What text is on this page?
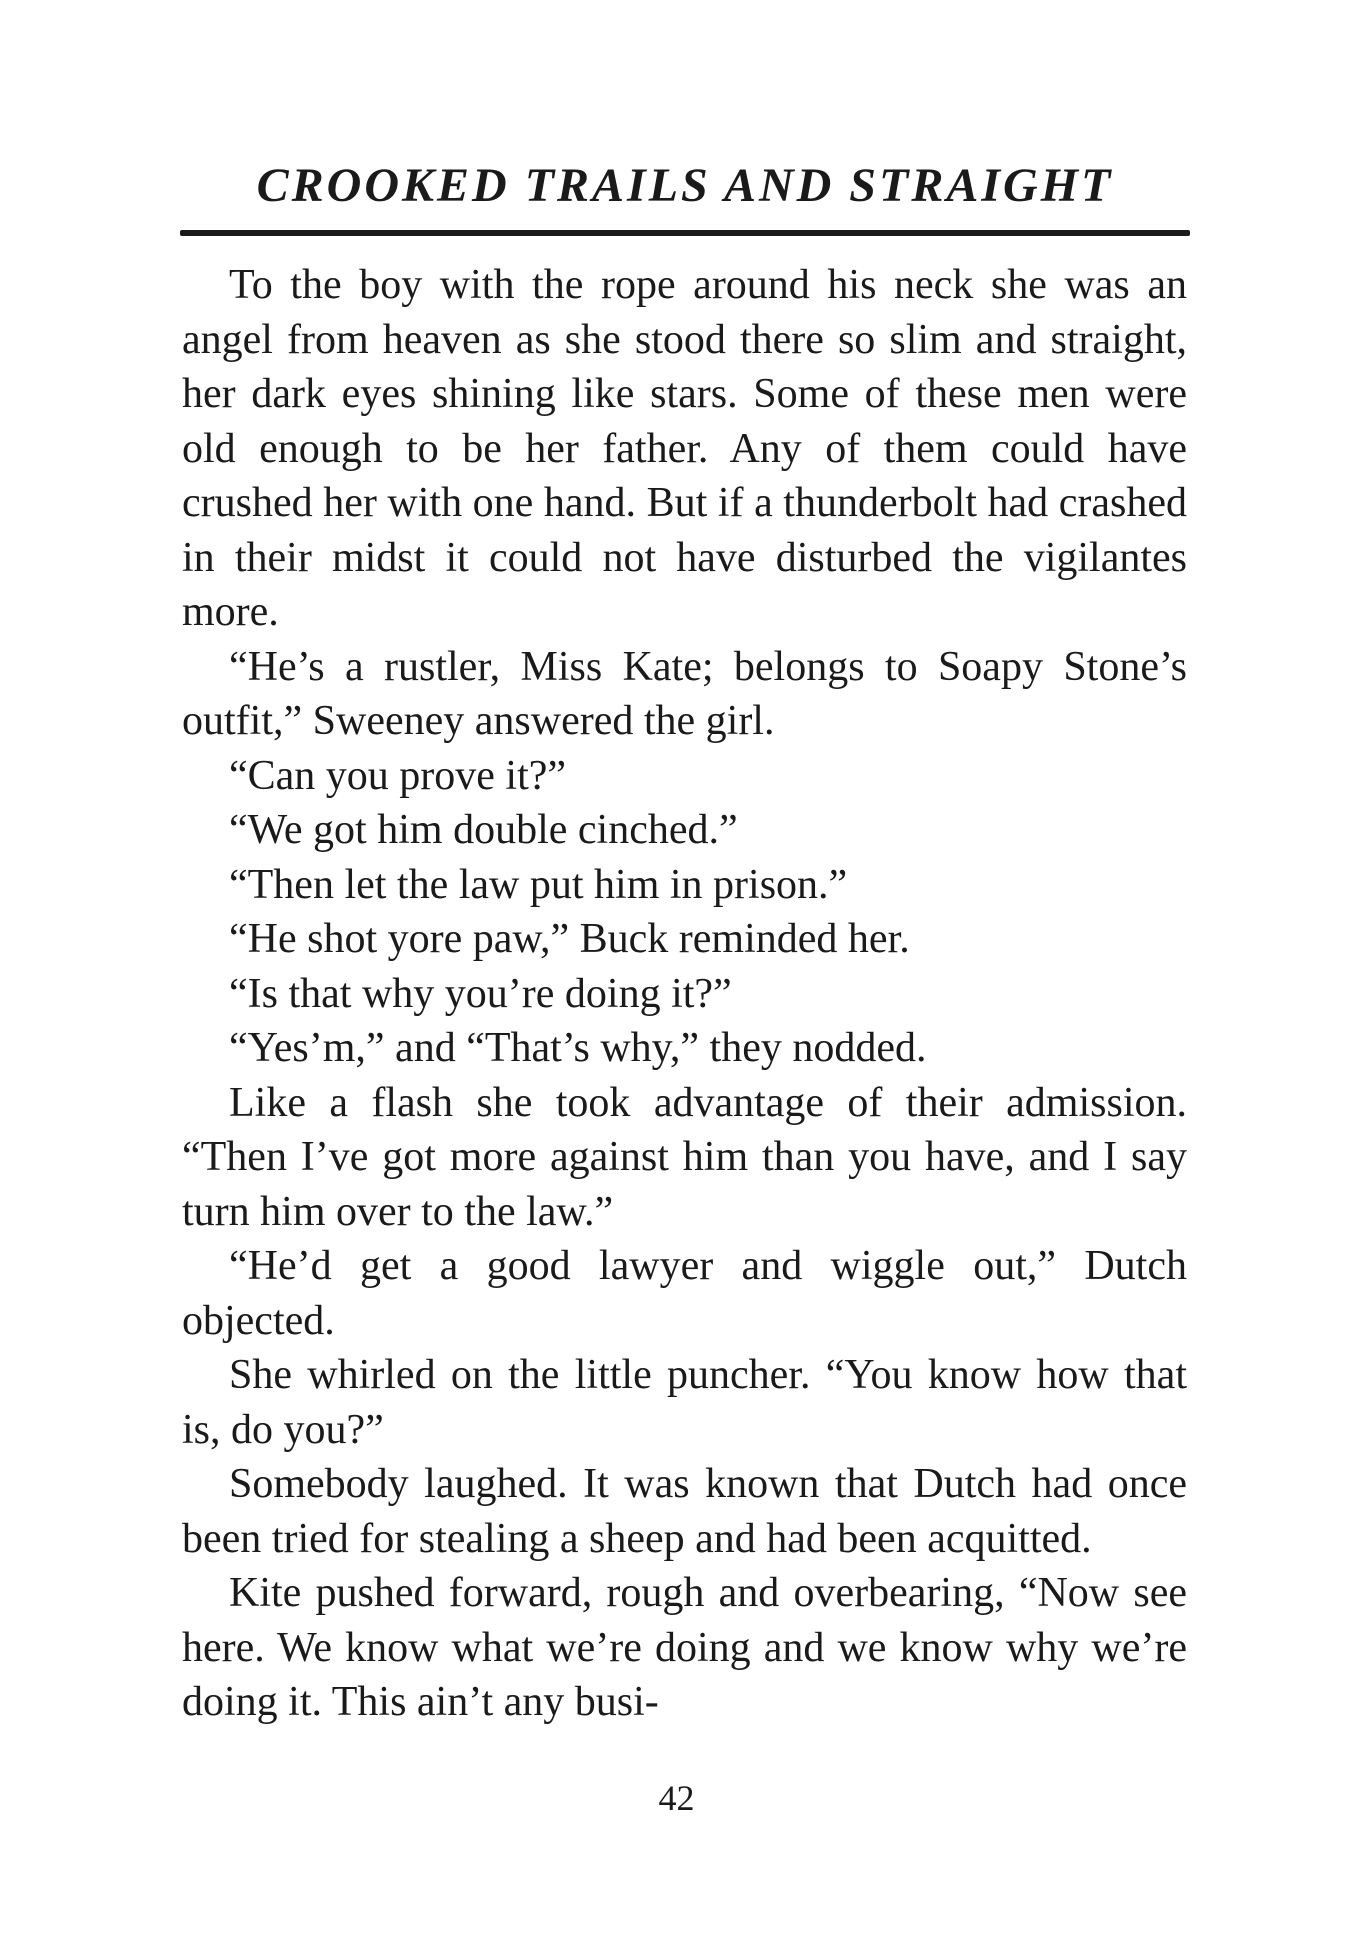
CROOKED TRAILS AND STRAIGHT

To the boy with the rope around his neck she was an angel from heaven as she stood there so slim and straight, her dark eyes shining like stars. Some of these men were old enough to be her father. Any of them could have crushed her with one hand. But if a thunderbolt had crashed in their midst it could not have disturbed the vigilantes more.

“He’s a rustler, Miss Kate; belongs to Soapy Stone’s outfit,” Sweeney answered the girl.

“Can you prove it?”

“We got him double cinched.”

“Then let the law put him in prison.”

“He shot yore paw,” Buck reminded her.

“Is that why you’re doing it?”

“Yes’m,” and “That’s why,” they nodded.

Like a flash she took advantage of their admission. “Then I’ve got more against him than you have, and I say turn him over to the law.”

“He’d get a good lawyer and wiggle out,” Dutch objected.

She whirled on the little puncher. “You know how that is, do you?”

Somebody laughed. It was known that Dutch had once been tried for stealing a sheep and had been acquitted.

Kite pushed forward, rough and overbearing, “Now see here. We know what we’re doing and we know why we’re doing it. This ain’t any busi-

42
